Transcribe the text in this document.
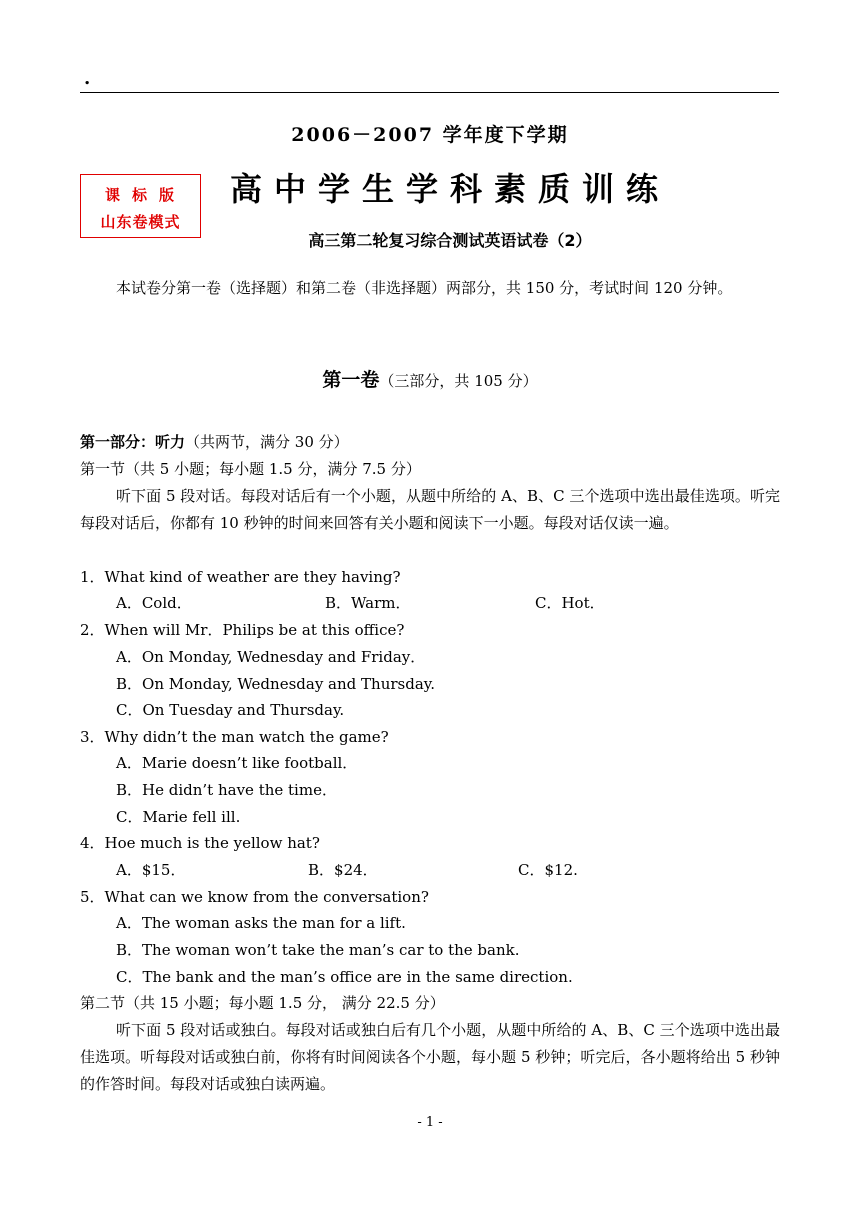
.
2006－2007 学年度下学期
课标版
山东卷模式
高中学生学科素质训练
高三第二轮复习综合测试英语试卷（2）
本试卷分第一卷（选择题）和第二卷（非选择题）两部分，共 150 分，考试时间 120 分钟。
第一卷（三部分，共 105 分）
第一部分：听力（共两节，满分 30 分）
第一节（共 5 小题；每小题 1.5 分，满分 7.5 分）
听下面 5 段对话。每段对话后有一个小题，从题中所给的 A、B、C 三个选项中选出最佳选项。听完每段对话后，你都有 10 秒钟的时间来回答有关小题和阅读下一小题。每段对话仅读一遍。
1．What kind of weather are they having?
A．Cold．	B．Warm．	C．Hot．
2．When will Mr．Philips be at this office?
A．On Monday, Wednesday and Friday．
B．On Monday, Wednesday and Thursday.
C．On Tuesday and Thursday.
3．Why didn’t the man watch the game?
A．Marie doesn’t like football．
B．He didn’t have the time．
C．Marie fell ill.
4．Hoe much is the yellow hat?
A．$15．	B．$24．	C．$12.
5．What can we know from the conversation?
A．The woman asks the man for a lift.
B．The woman won’t take the man’s car to the bank.
C．The bank and the man’s office are in the same direction.
第二节（共 15 小题；每小题 1.5 分， 满分 22.5 分）
听下面 5 段对话或独白。每段对话或独白后有几个小题，从题中所给的 A、B、C 三个选项中选出最佳选项。听每段对话或独白前，你将有时间阅读各个小题，每小题 5 秒钟；听完后，各小题将给出 5 秒钟的作答时间。每段对话或独白读两遍。
- 1 -
